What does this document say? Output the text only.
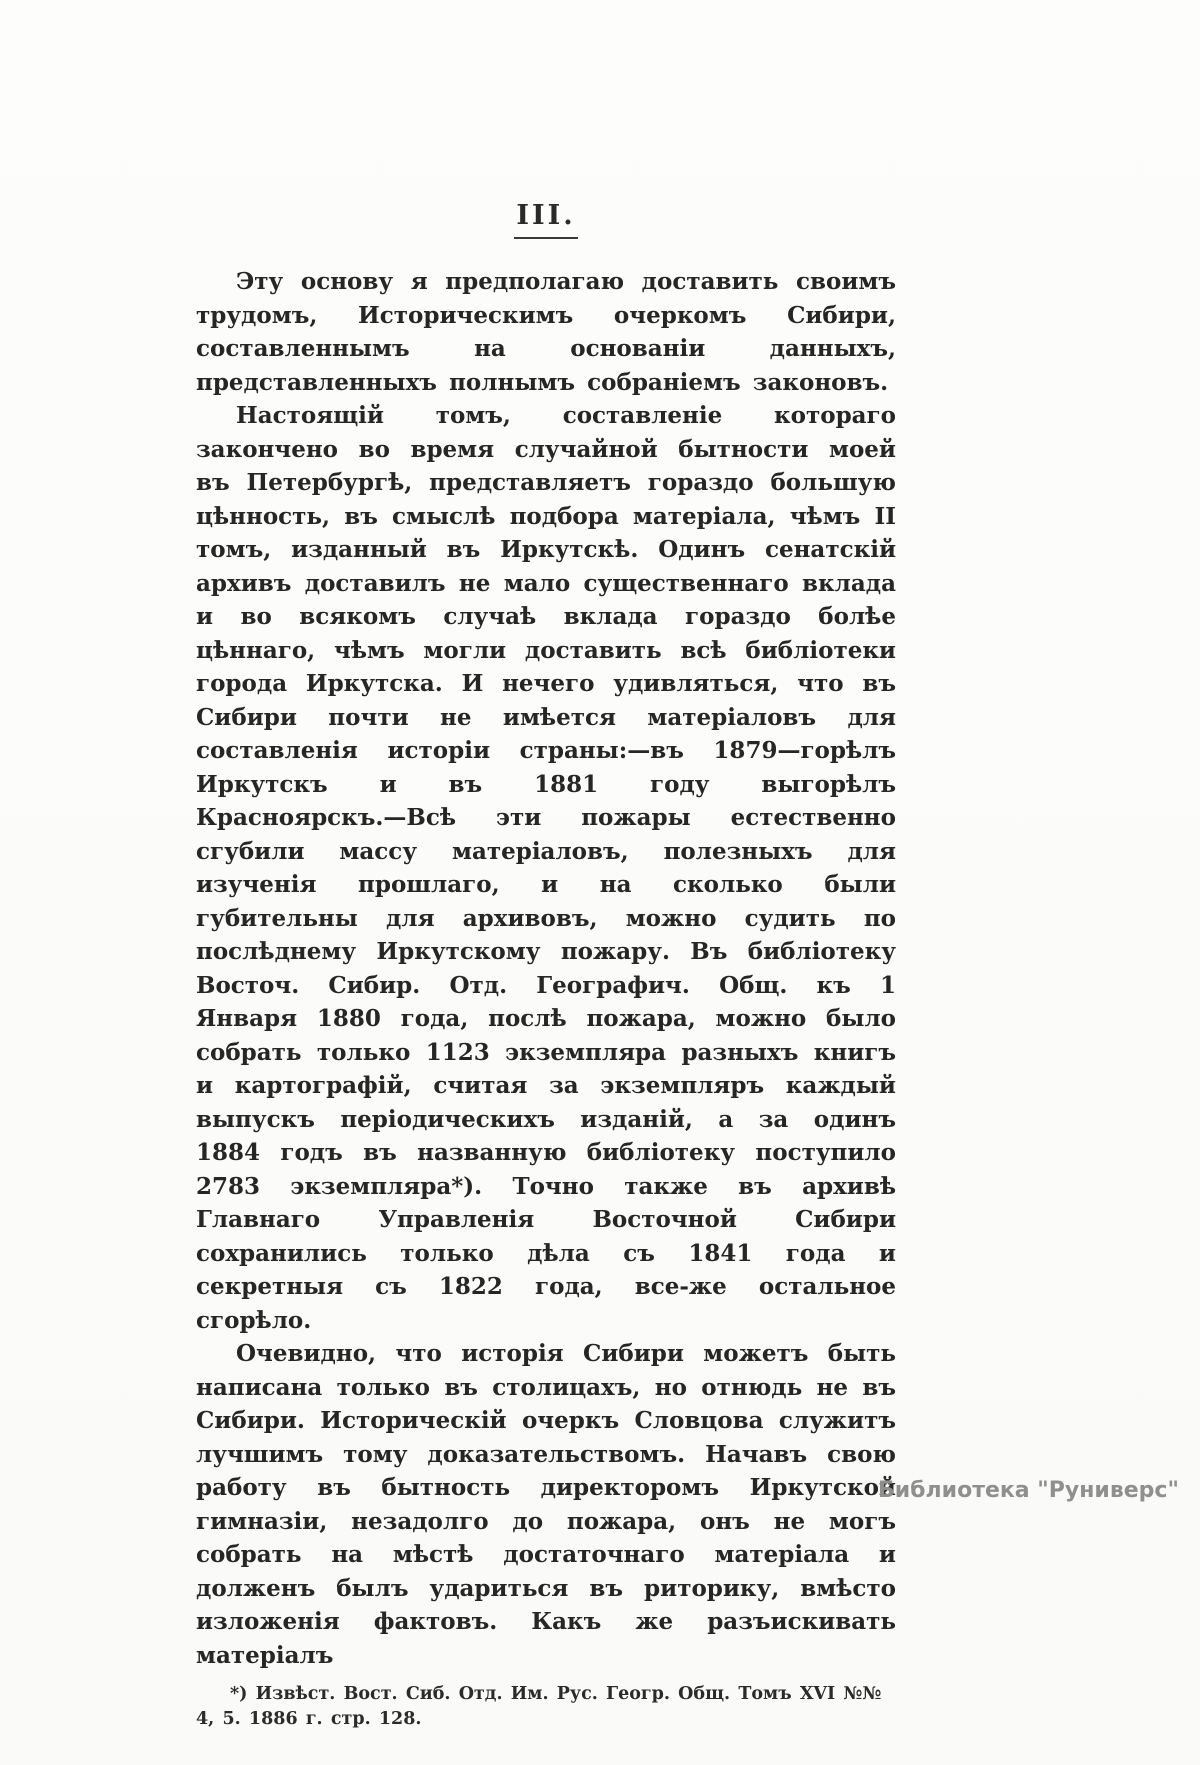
III.

Эту основу я предполагаю доставить своимъ трудомъ, Историческимъ очеркомъ Сибири, составленнымъ на основаніи данныхъ, представленныхъ полнымъ собраніемъ законовъ.

Настоящій томъ, составленіе котораго закончено во время случайной бытности моей въ Петербургѣ, представляетъ гораздо большую цѣнность, въ смыслѣ подбора матеріала, чѣмъ II томъ, изданный въ Иркутскѣ. Одинъ сенатскій архивъ доставилъ не мало существеннаго вклада и во всякомъ случаѣ вклада гораздо болѣе цѣннаго, чѣмъ могли доставить всѣ библіотеки города Иркутска. И нечего удивляться, что въ Сибири почти не имѣется матеріаловъ для составленія исторіи страны:—въ 1879—горѣлъ Иркутскъ и въ 1881 году выгорѣлъ Красноярскъ.—Всѣ эти пожары естественно сгубили массу матеріаловъ, полезныхъ для изученія прошлаго, и на сколько были губительны для архивовъ, можно судить по послѣднему Иркутскому пожару. Въ библіотеку Восточ. Сибир. Отд. Географич. Общ. къ 1 Января 1880 года, послѣ пожара, можно было собрать только 1123 экземпляра разныхъ книгъ и картографій, считая за экземпляръ каждый выпускъ періодическихъ изданій, а за одинъ 1884 годъ въ названную библіотеку поступило 2783 экземпляра*). Точно также въ архивѣ Главнаго Управленія Восточной Сибири сохранились только дѣла съ 1841 года и секретныя съ 1822 года, все-же остальное сгорѣло.

Очевидно, что исторія Сибири можетъ быть написана только въ столицахъ, но отнюдь не въ Сибири. Историческій очеркъ Словцова служитъ лучшимъ тому доказательствомъ. Начавъ свою работу въ бытность директоромъ Иркутской гимназіи, незадолго до пожара, онъ не могъ собрать на мѣстѣ достаточнаго матеріала и долженъ былъ удариться въ риторику, вмѣсто изложенія фактовъ. Какъ же разъискивать матеріалъ

*) Извѣст. Вост. Сиб. Отд. Им. Рус. Геогр. Общ. Томъ XVI №№ 4, 5. 1886 г. стр. 128.
Библиотека "Руниверс"
